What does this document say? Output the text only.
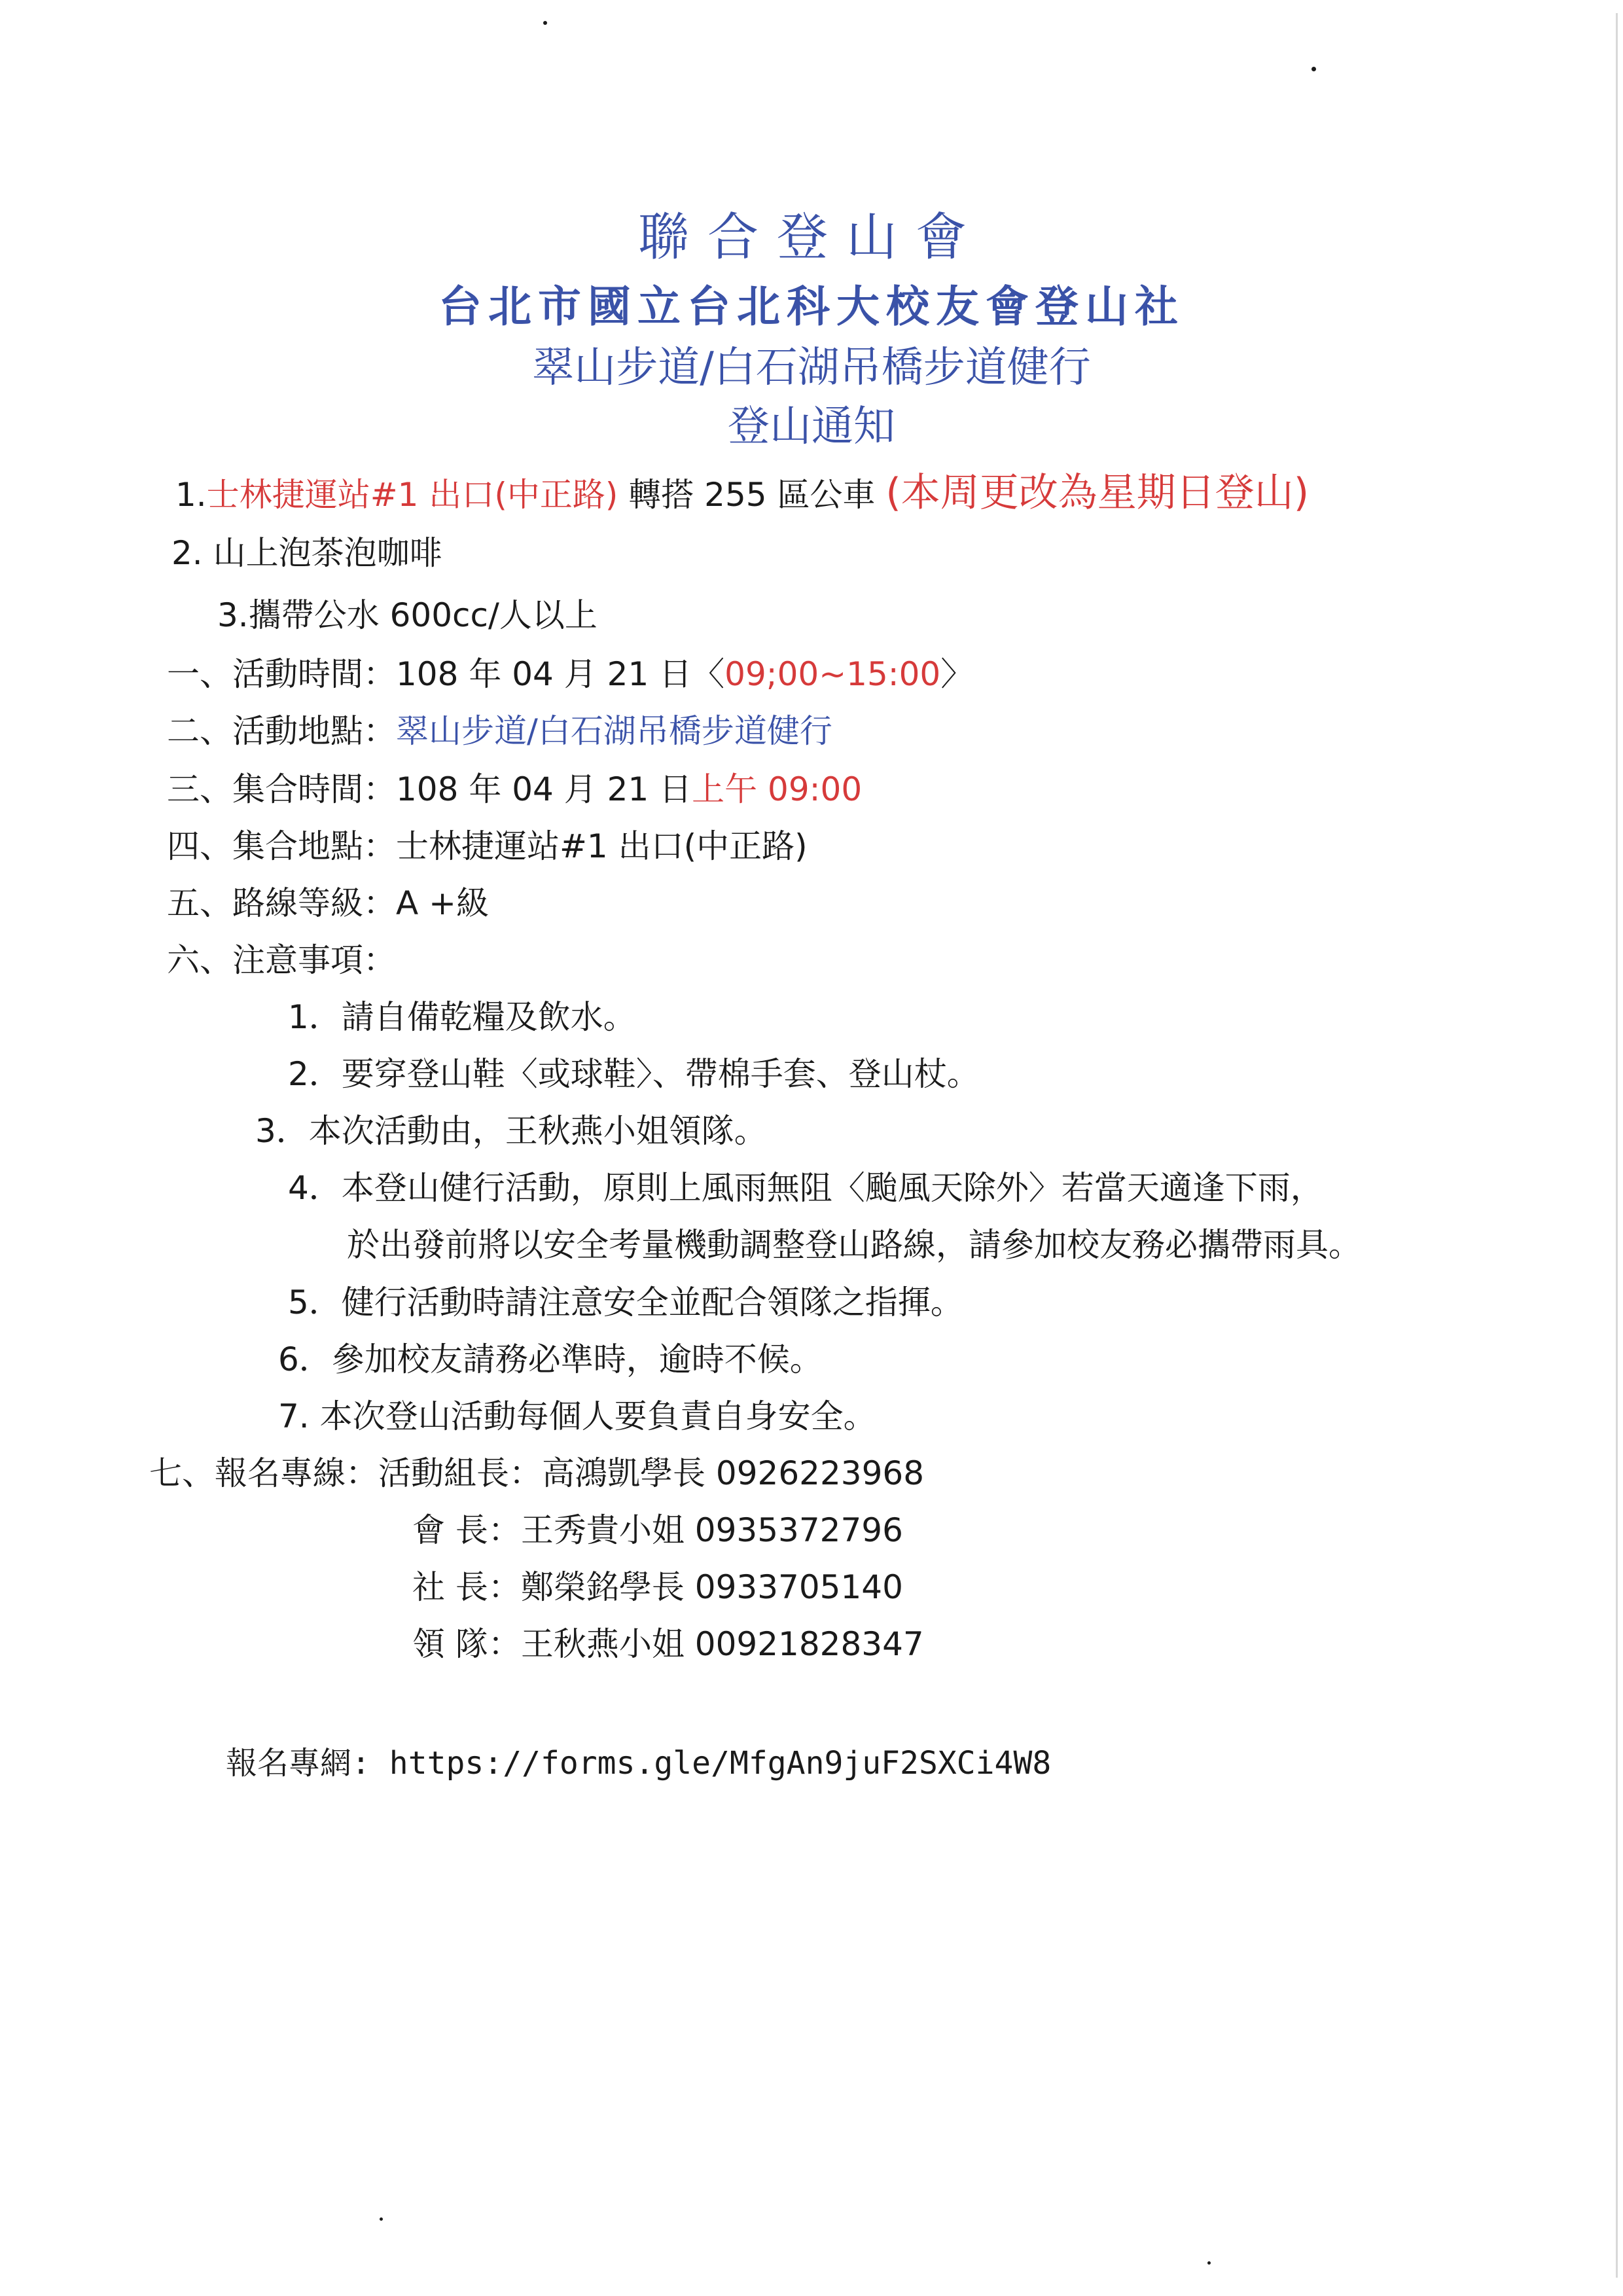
聯合登山會
台北市國立台北科大校友會登山社
翠山步道/白石湖吊橋步道健行
登山通知
1.士林捷運站#1 出口(中正路) 轉搭 255 區公車 (本周更改為星期日登山)
2. 山上泡茶泡咖啡
3.攜帶公水 600cc/人以上
一、活動時間：108 年 04 月 21 日〈09;00~15:00〉
二、活動地點：翠山步道/白石湖吊橋步道健行
三、集合時間：108 年 04 月 21 日上午 09:00
四、集合地點：士林捷運站#1 出口(中正路)
五、路線等級：A +級
六、注意事項：
1．請自備乾糧及飲水。
2．要穿登山鞋〈或球鞋〉、帶棉手套、登山杖。
3．本次活動由，王秋燕小姐領隊。
4．本登山健行活動，原則上風雨無阻〈颱風天除外〉若當天適逢下雨，
於出發前將以安全考量機動調整登山路線，請參加校友務必攜帶雨具。
5．健行活動時請注意安全並配合領隊之指揮。
6．參加校友請務必準時，逾時不候。
7. 本次登山活動每個人要負責自身安全。
七、報名專線：活動組長：高鴻凱學長 0926223968
會 長：王秀貴小姐 0935372796
社 長：鄭榮銘學長 0933705140
領 隊：王秋燕小姐 00921828347
報名專網: https://forms.gle/MfgAn9juF2SXCi4W8
